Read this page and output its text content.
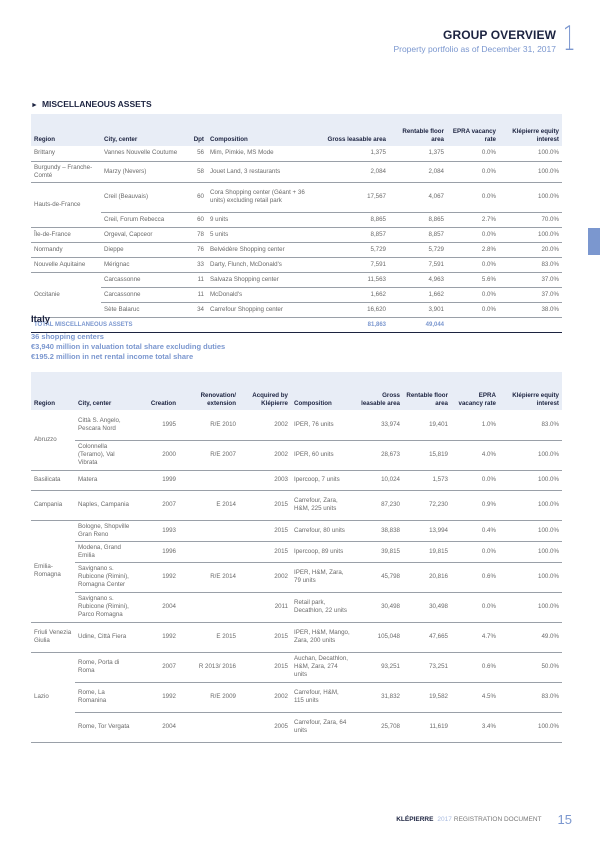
GROUP OVERVIEW
Property portfolio as of December 31, 2017 1
► MISCELLANEOUS ASSETS
Region	City, center	Dpt	Composition	Gross leasable area	Rentable floor area	EPRA vacancy rate	Klépierre equity interest
Brittany	Vannes Nouvelle Coutume	56	Mim, Pimkie, MS Mode	1,375	1,375	0.0%	100.0%
Burgundy – Franche-Comté	Marzy (Nevers)	58	Jouet Land, 3 restaurants	2,084	2,084	0.0%	100.0%
Hauts-de-France	Creil (Beauvais)	60	Cora Shopping center (Géant + 36 units) excluding retail park	17,567	4,067	0.0%	100.0%
	Creil, Forum Rebecca	60	9 units	8,865	8,865	2.7%	70.0%
Île-de-France	Orgeval, Capceor	78	5 units	8,857	8,857	0.0%	100.0%
Normandy	Dieppe	76	Belvédère Shopping center	5,729	5,729	2.8%	20.0%
Nouvelle Aquitaine	Mérignac	33	Darty, Flunch, McDonald's	7,591	7,591	0.0%	83.0%
Occitanie	Carcassonne	11	Salvaza Shopping center	11,563	4,963	5.6%	37.0%
	Carcassonne	11	McDonald's	1,662	1,662	0.0%	37.0%
	Sète Balaruc	34	Carrefour Shopping center	16,620	3,901	0.0%	38.0%
TOTAL MISCELLANEOUS ASSETS				81,863	49,044		
Italy
36 shopping centers
€3,940 million in valuation total share excluding duties
€195.2 million in net rental income total share
Region	City, center	Creation	Renovation/ extension	Acquired by Klépierre	Composition	Gross leasable area	Rentable floor area	EPRA vacancy rate	Klépierre equity interest
Abruzzo	Città S. Angelo, Pescara Nord	1995	R/E 2010	2002	IPER, 76 units	33,974	19,401	1.0%	83.0%
	Colonnella (Teramo), Val Vibrata	2000	R/E 2007	2002	IPER, 60 units	28,673	15,819	4.0%	100.0%
Basilicata	Matera	1999		2003	Ipercoop, 7 units	10,024	1,573	0.0%	100.0%
Campania	Naples, Campania	2007	E 2014	2015	Carrefour, Zara, H&M, 225 units	87,230	72,230	0.9%	100.0%
Emilia-Romagna	Bologne, Shopville Gran Reno	1993		2015	Carrefour, 80 units	38,838	13,994	0.4%	100.0%
	Modena, Grand Emilia	1996		2015	Ipercoop, 89 units	39,815	19,815	0.0%	100.0%
	Savignano s. Rubicone (Rimini), Romagna Center	1992	R/E 2014	2002	IPER, H&M, Zara, 79 units	45,798	20,816	0.6%	100.0%
	Savignano s. Rubicone (Rimini), Parco Romagna	2004		2011	Retail park, Decathlon, 22 units	30,498	30,498	0.0%	100.0%
Friuli Venezia Giulia	Udine, Città Fiera	1992	E 2015	2015	IPER, H&M, Mango, Zara, 200 units	105,048	47,665	4.7%	49.0%
Lazio	Rome, Porta di Roma	2007	R 2013/ 2016	2015	Auchan, Decathlon, H&M, Zara, 274 units	93,251	73,251	0.6%	50.0%
	Rome, La Romanina	1992	R/E 2009	2002	Carrefour, H&M, 115 units	31,832	19,582	4.5%	83.0%
	Rome, Tor Vergata	2004		2005	Carrefour, Zara, 64 units	25,708	11,619	3.4%	100.0%
KLÉPIERRE 2017 REGISTRATION DOCUMENT 15
